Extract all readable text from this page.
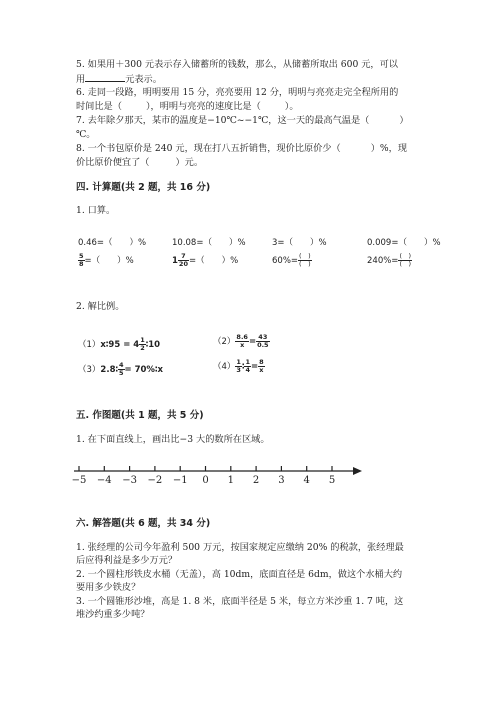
5. 如果用＋300 元表示存入储蓄所的钱数，那么，从储蓄所取出 600 元，可以
用	元表示。
6. 走同一段路，明明要用 15 分，亮亮要用 12 分，明明与亮亮走完全程所用的
时间比是（	），明明与亮亮的速度比是（	）。
7. 去年除夕那天，某市的温度是−10℃~−1℃，这一天的最高气温是（	）
℃。
8. 一个书包原价是 240 元，现在打八五折销售，现价比原价少（	）%，现
价比原价便宜了（	）元。
四. 计算题(共 2 题，共 16 分)
1. 口算。
0.46=（　　）%	10.08=（　　）%	3=（　　）%	0.009=（　　）%
$\frac{5}{8}$ =（　　）%	$1 \frac{7}{20}$ =（　　）%	$60\%= \frac{( )}{( )}$	$240\%= \frac{( )}{( )}$
2. 解比例。
（1）x∶95 = $4 \frac{1}{2}$ ∶10	$(2) \frac{8.6}{x} = \frac{43}{0.5}$
（3）2.8∶ $\frac{4}{5}$ = 70%∶x	$(4) \frac{1}{3}$ ∶ $\frac{1}{4} = \frac{8}{x}$
五. 作图题(共 1 题，共 5 分)
1. 在下面直线上，画出比−3 大的数所在区域。
−5 −4 −3 −2 −1	0	1	2	3	4	5
六. 解答题(共 6 题，共 34 分)
1. 张经理的公司今年盈利 500 万元，按国家规定应缴纳 20% 的税款，张经理最
后应得利益是多少万元？
2. 一个圆柱形铁皮水桶（无盖），高 10dm，底面直径是 6dm，做这个水桶大约
要用多少铁皮？
3. 一个圆锥形沙堆，高是 1. 8 米，底面半径是 5 米，每立方米沙重 1. 7 吨，这
堆沙约重多少吨？
